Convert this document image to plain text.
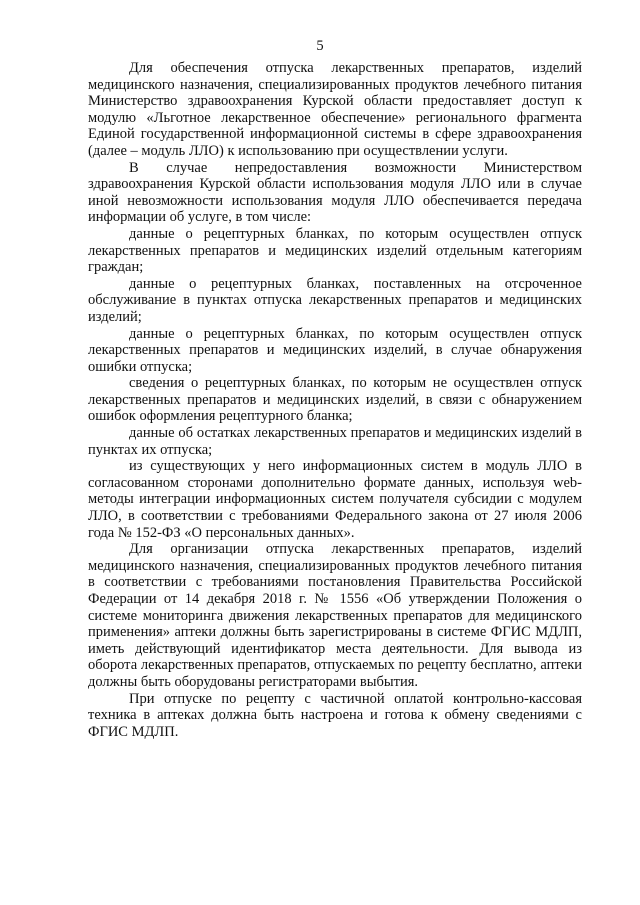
5

Для обеспечения отпуска лекарственных препаратов, изделий медицинского назначения, специализированных продуктов лечебного питания Министерство здравоохранения Курской области предоставляет доступ к модулю «Льготное лекарственное обеспечение» регионального фрагмента Единой государственной информационной системы в сфере здравоохранения (далее – модуль ЛЛО) к использованию при осуществлении услуги.

В случае непредоставления возможности Министерством здравоохранения Курской области использования модуля ЛЛО или в случае иной невозможности использования модуля ЛЛО обеспечивается передача информации об услуге, в том числе:

данные о рецептурных бланках, по которым осуществлен отпуск лекарственных препаратов и медицинских изделий отдельным категориям граждан;

данные о рецептурных бланках, поставленных на отсроченное обслуживание в пунктах отпуска лекарственных препаратов и медицинских изделий;

данные о рецептурных бланках, по которым осуществлен отпуск лекарственных препаратов и медицинских изделий, в случае обнаружения ошибки отпуска;

сведения о рецептурных бланках, по которым не осуществлен отпуск лекарственных препаратов и медицинских изделий, в связи с обнаружением ошибок оформления рецептурного бланка;

данные об остатках лекарственных препаратов и медицинских изделий в пунктах их отпуска;

из существующих у него информационных систем в модуль ЛЛО в согласованном сторонами дополнительно формате данных, используя web-методы интеграции информационных систем получателя субсидии с модулем ЛЛО, в соответствии с требованиями Федерального закона от 27 июля 2006 года № 152-ФЗ «О персональных данных».

Для организации отпуска лекарственных препаратов, изделий медицинского назначения, специализированных продуктов лечебного питания в соответствии с требованиями постановления Правительства Российской Федерации от 14 декабря 2018 г. № 1556 «Об утверждении Положения о системе мониторинга движения лекарственных препаратов для медицинского применения» аптеки должны быть зарегистрированы в системе ФГИС МДЛП, иметь действующий идентификатор места деятельности. Для вывода из оборота лекарственных препаратов, отпускаемых по рецепту бесплатно, аптеки должны быть оборудованы регистраторами выбытия.

При отпуске по рецепту с частичной оплатой контрольно-кассовая техника в аптеках должна быть настроена и готова к обмену сведениями с ФГИС МДЛП.
